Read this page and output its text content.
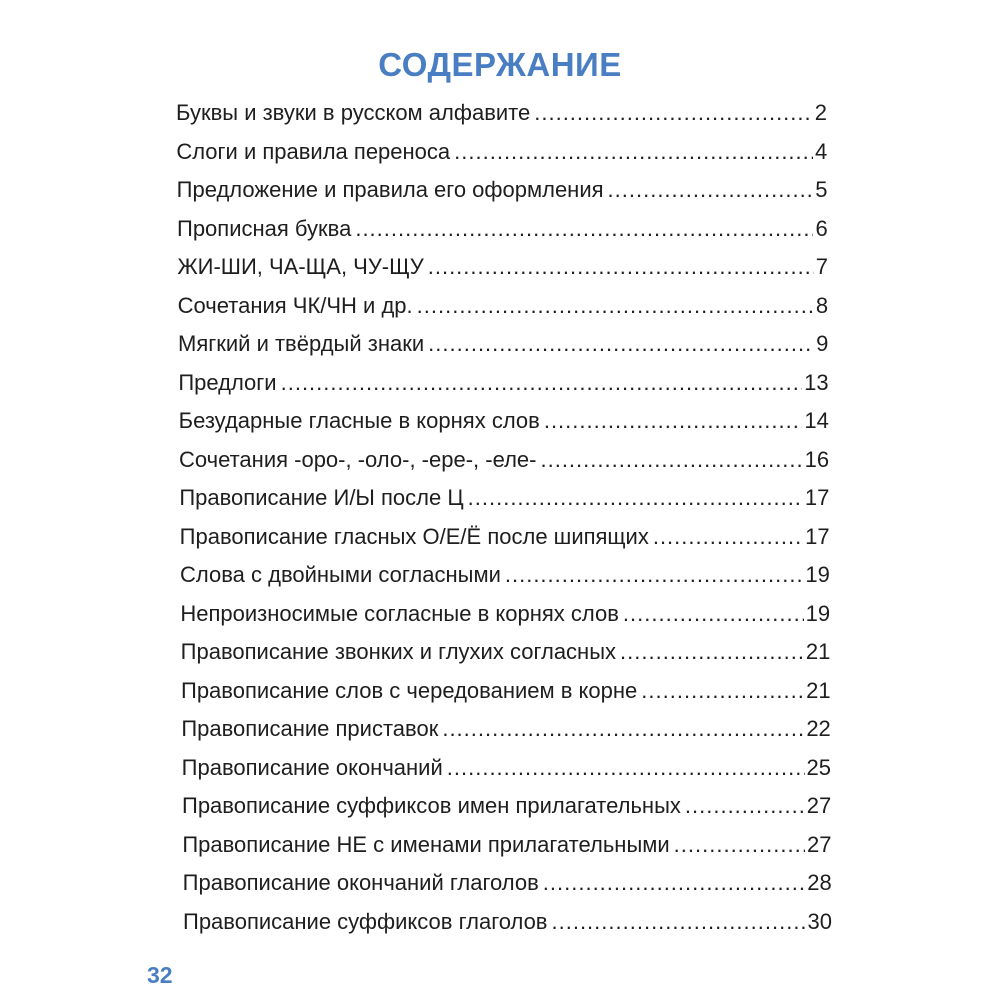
СОДЕРЖАНИЕ
Буквы и звуки в русском алфавите .....	2
Слоги и правила переноса .....	4
Предложение и правила его оформления .....	5
Прописная буква .....	6
ЖИ-ШИ, ЧА-ЩА, ЧУ-ЩУ .....	7
Сочетания ЧК/ЧН и др. .....	8
Мягкий и твёрдый знаки .....	9
Предлоги .....	13
Безударные гласные в корнях слов .....	14
Сочетания -оро-, -оло-, -ере-, -еле- .....	16
Правописание И/Ы после Ц .....	17
Правописание гласных О/Е/Ё после шипящих .....	17
Слова с двойными согласными .....	19
Непроизносимые согласные в корнях слов .....	19
Правописание звонких и глухих согласных .....	21
Правописание слов с чередованием в корне .....	21
Правописание приставок .....	22
Правописание окончаний .....	25
Правописание суффиксов имен прилагательных .....	27
Правописание НЕ с именами прилагательными .....	27
Правописание окончаний глаголов .....	28
Правописание суффиксов глаголов .....	30
32
